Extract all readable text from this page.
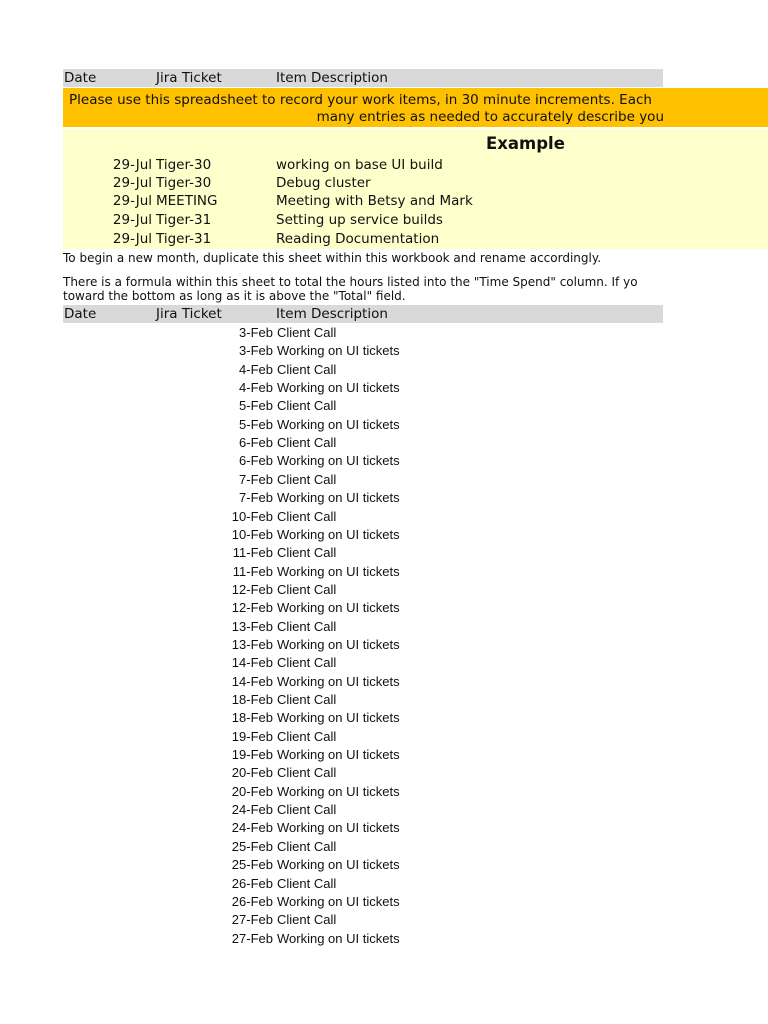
Date	Jira Ticket	Item Description
Please use this spreadsheet to record your work items, in 30 minute increments. Each
many entries as needed to accurately describe you
Example
29-Jul Tiger-30	working on base UI build
29-Jul Tiger-30	Debug cluster
29-Jul MEETING	Meeting with Betsy and Mark
29-Jul Tiger-31	Setting up service builds
29-Jul Tiger-31	Reading Documentation
To begin a new month, duplicate this sheet within this workbook and rename accordingly.
There is a formula within this sheet to total the hours listed into the "Time Spend" column. If yo
toward the bottom as long as it is above the "Total" field.
Date	Jira Ticket	Item Description
3-Feb Client Call
3-Feb Working on UI tickets
4-Feb Client Call
4-Feb Working on UI tickets
5-Feb Client Call
5-Feb Working on UI tickets
6-Feb Client Call
6-Feb Working on UI tickets
7-Feb Client Call
7-Feb Working on UI tickets
10-Feb Client Call
10-Feb Working on UI tickets
11-Feb Client Call
11-Feb Working on UI tickets
12-Feb Client Call
12-Feb Working on UI tickets
13-Feb Client Call
13-Feb Working on UI tickets
14-Feb Client Call
14-Feb Working on UI tickets
18-Feb Client Call
18-Feb Working on UI tickets
19-Feb Client Call
19-Feb Working on UI tickets
20-Feb Client Call
20-Feb Working on UI tickets
24-Feb Client Call
24-Feb Working on UI tickets
25-Feb Client Call
25-Feb Working on UI tickets
26-Feb Client Call
26-Feb Working on UI tickets
27-Feb Client Call
27-Feb Working on UI tickets
